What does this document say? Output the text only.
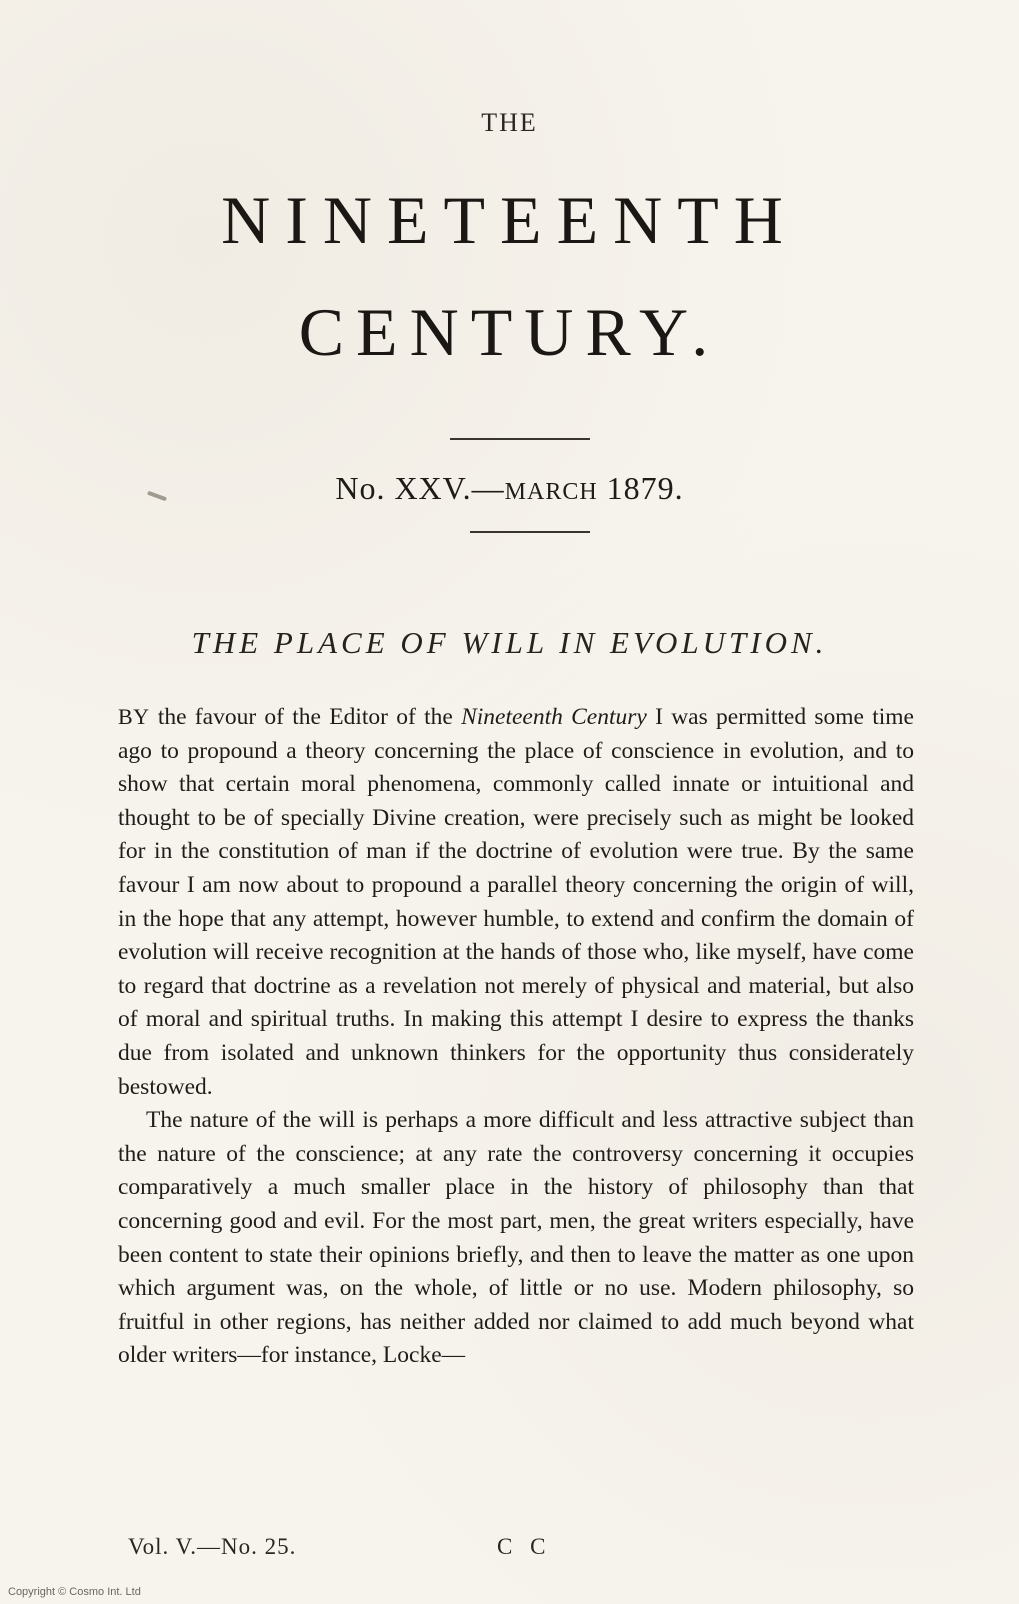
THE
NINETEENTH
CENTURY.
No. XXV.—MARCH 1879.
THE PLACE OF WILL IN EVOLUTION.

BY the favour of the Editor of the Nineteenth Century I was permitted some time ago to propound a theory concerning the place of conscience in evolution, and to show that certain moral phenomena, commonly called innate or intuitional and thought to be of specially Divine creation, were precisely such as might be looked for in the constitution of man if the doctrine of evolution were true. By the same favour I am now about to propound a parallel theory concerning the origin of will, in the hope that any attempt, however humble, to extend and confirm the domain of evolution will receive recognition at the hands of those who, like myself, have come to regard that doctrine as a revelation not merely of physical and material, but also of moral and spiritual truths. In making this attempt I desire to express the thanks due from isolated and unknown thinkers for the opportunity thus considerately bestowed.

The nature of the will is perhaps a more difficult and less attractive subject than the nature of the conscience; at any rate the controversy concerning it occupies comparatively a much smaller place in the history of philosophy than that concerning good and evil. For the most part, men, the great writers especially, have been content to state their opinions briefly, and then to leave the matter as one upon which argument was, on the whole, of little or no use. Modern philosophy, so fruitful in other regions, has neither added nor claimed to add much beyond what older writers—for instance, Locke—

Vol. V.—No. 25.	C C
Copyright © Cosmo Int. Ltd
